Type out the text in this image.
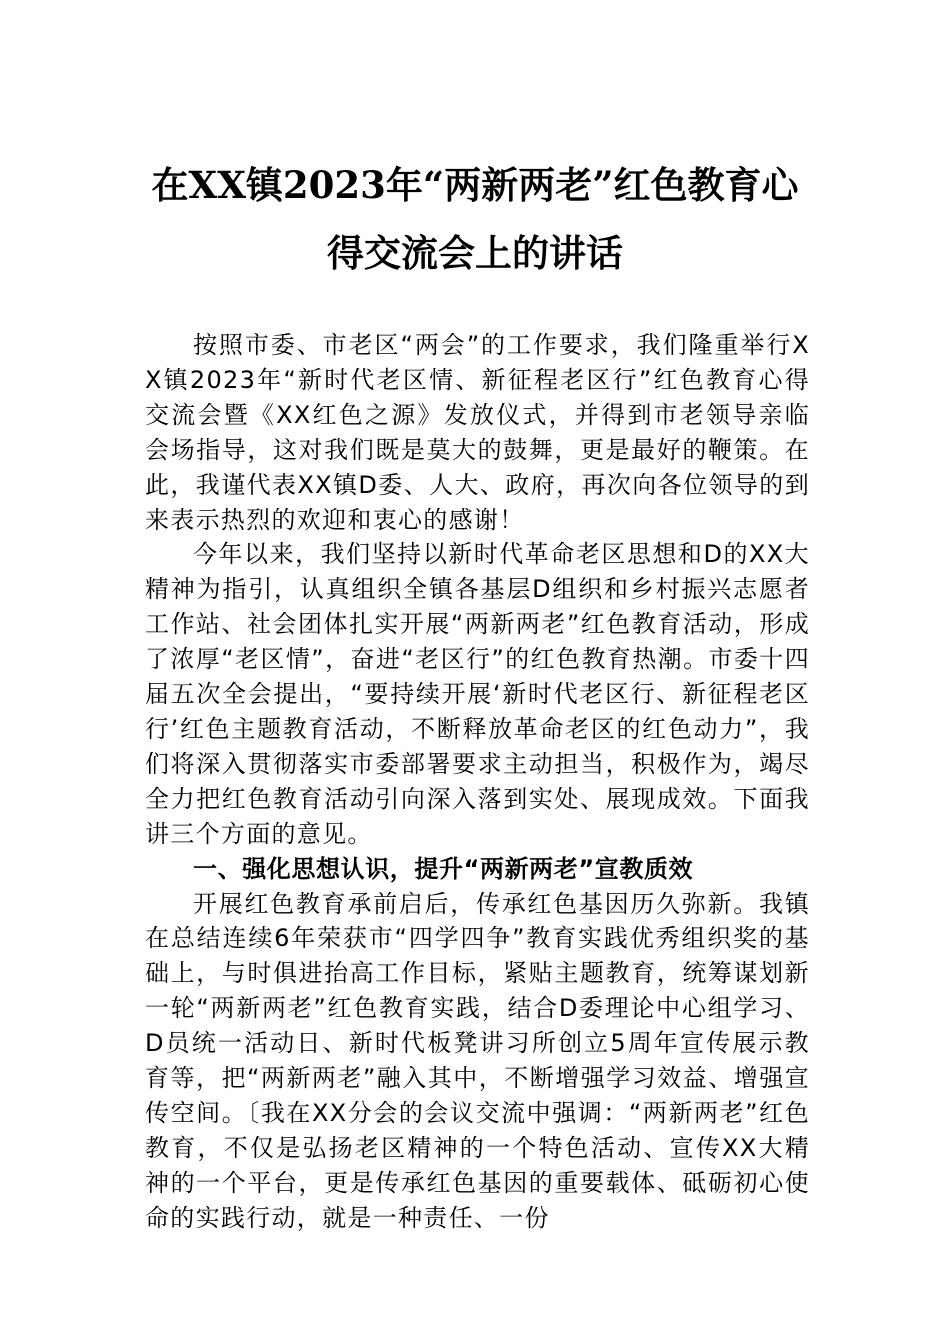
在XX镇2023年“两新两老”红色教育心
得交流会上的讲话

按照市委、市老区“两会”的工作要求，我们隆重举行XX镇2023年“新时代老区情、新征程老区行”红色教育心得交流会暨《XX红色之源》发放仪式，并得到市老领导亲临会场指导，这对我们既是莫大的鼓舞，更是最好的鞭策。在此，我谨代表XX镇D委、人大、政府，再次向各位领导的到来表示热烈的欢迎和衷心的感谢！

今年以来，我们坚持以新时代革命老区思想和D的XX大精神为指引，认真组织全镇各基层D组织和乡村振兴志愿者工作站、社会团体扎实开展“两新两老”红色教育活动，形成了浓厚“老区情”，奋进“老区行”的红色教育热潮。市委十四届五次全会提出，“要持续开展‘新时代老区行、新征程老区行’红色主题教育活动，不断释放革命老区的红色动力”，我们将深入贯彻落实市委部署要求主动担当，积极作为，竭尽全力把红色教育活动引向深入落到实处、展现成效。下面我讲三个方面的意见。

一、强化思想认识，提升“两新两老”宣教质效

开展红色教育承前启后，传承红色基因历久弥新。我镇在总结连续6年荣获市“四学四争”教育实践优秀组织奖的基础上，与时俱进抬高工作目标，紧贴主题教育，统筹谋划新一轮“两新两老”红色教育实践，结合D委理论中心组学习、D员统一活动日、新时代板凳讲习所创立5周年宣传展示教育等，把“两新两老”融入其中，不断增强学习效益、增强宣传空间。〔我在XX分会的会议交流中强调：“两新两老”红色教育，不仅是弘扬老区精神的一个特色活动、宣传XX大精神的一个平台，更是传承红色基因的重要载体、砥砺初心使命的实践行动，就是一种责任、一份
